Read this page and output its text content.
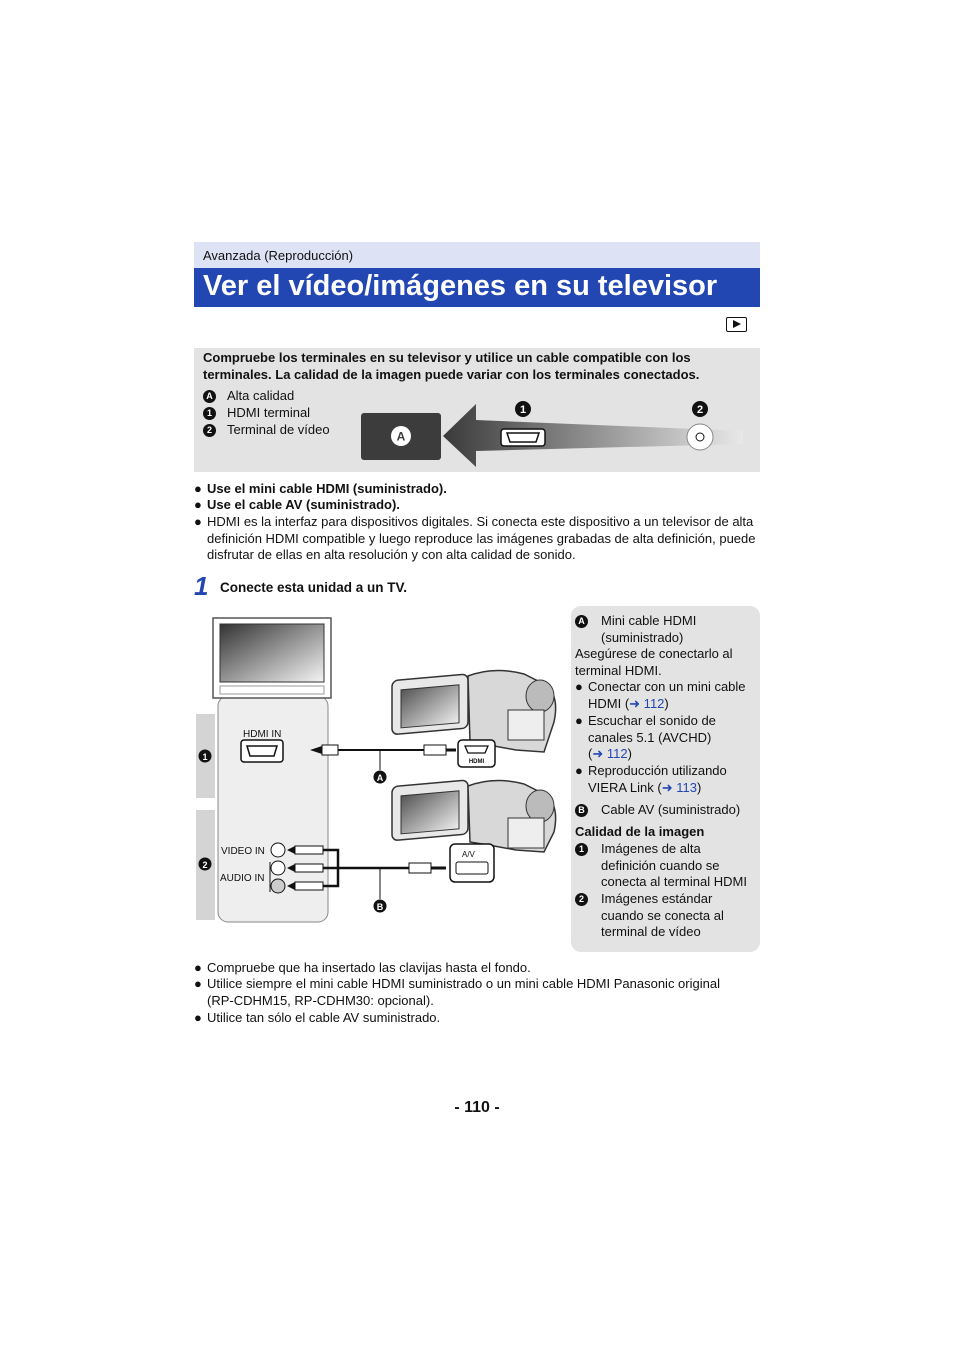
Avanzada (Reproducción)
Ver el vídeo/imágenes en su televisor
Compruebe los terminales en su televisor y utilice un cable compatible con los terminales. La calidad de la imagen puede variar con los terminales conectados.
A Alta calidad
1 HDMI terminal
2 Terminal de vídeo	A
1	2
● Use el mini cable HDMI (suministrado).
● Use el cable AV (suministrado).
● HDMI es la interfaz para dispositivos digitales. Si conecta este dispositivo a un televisor de alta definición HDMI compatible y luego reproduce las imágenes grabadas de alta definición, puede disfrutar de ellas en alta resolución y con alta calidad de sonido.
1 Conecte esta unidad a un TV.
1
2
HDMI IN
VIDEO IN
AUDIO IN
A
B
HDMI
A/V
A Mini cable HDMI (suministrado)
Asegúrese de conectarlo al terminal HDMI.
● Conectar con un mini cable HDMI (➜ 112)
● Escuchar el sonido de canales 5.1 (AVCHD) (➜ 112)
● Reproducción utilizando VIERA Link (➜ 113)
B Cable AV (suministrado)
Calidad de la imagen
1	Imágenes de alta definición cuando se conecta al terminal HDMI
2	Imágenes estándar cuando se conecta al terminal de vídeo
● Compruebe que ha insertado las clavijas hasta el fondo.
● Utilice siempre el mini cable HDMI suministrado o un mini cable HDMI Panasonic original (RP-CDHM15, RP-CDHM30: opcional).
● Utilice tan sólo el cable AV suministrado.
- 110 -
